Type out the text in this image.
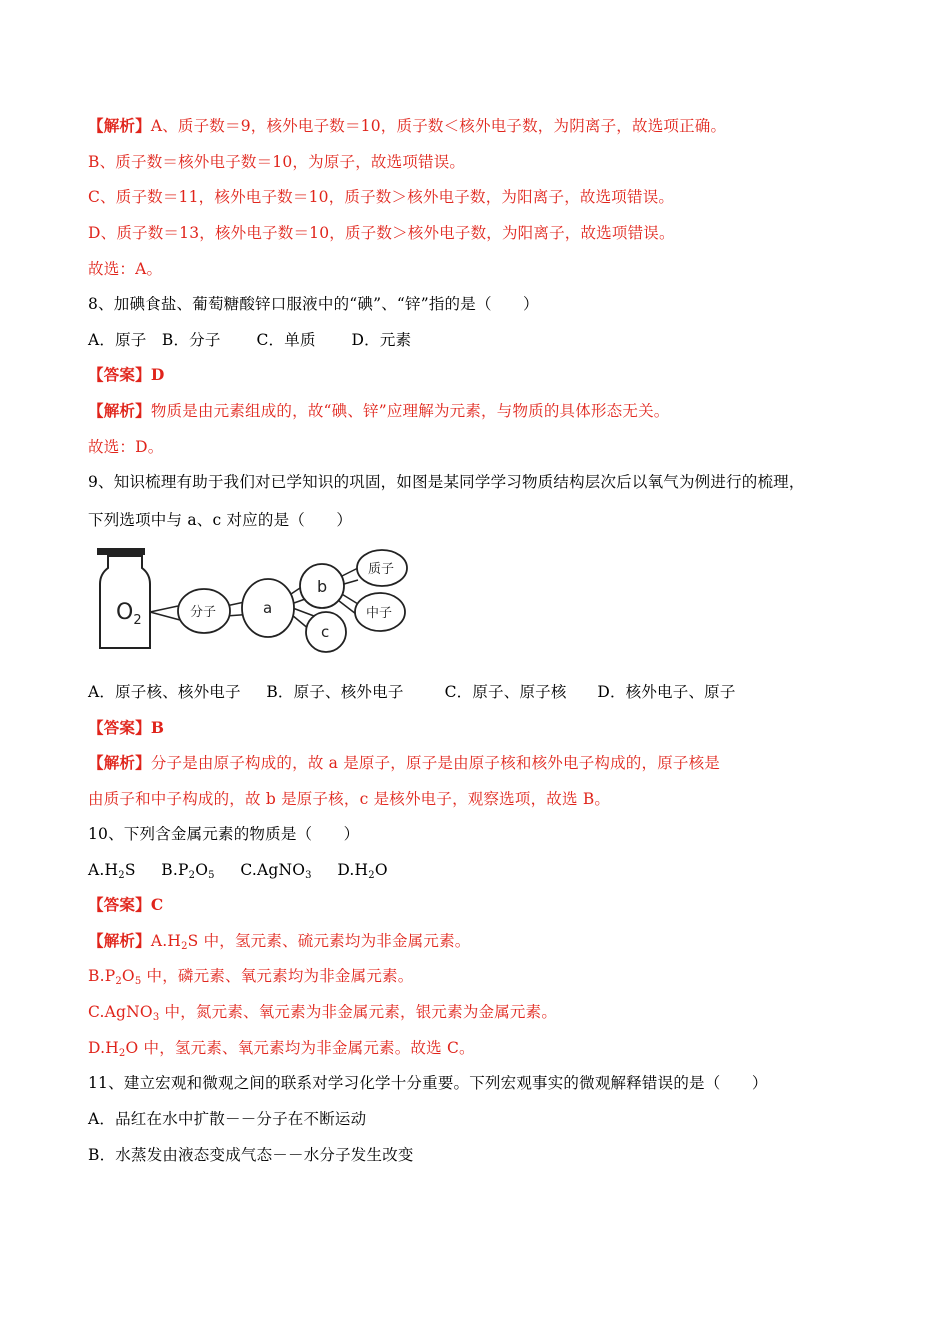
【解析】A、质子数＝9，核外电子数＝10，质子数＜核外电子数，为阴离子，故选项正确。
B、质子数＝核外电子数＝10，为原子，故选项错误。
C、质子数＝11，核外电子数＝10，质子数＞核外电子数，为阳离子，故选项错误。
D、质子数＝13，核外电子数＝10，质子数＞核外电子数，为阳离子，故选项错误。
故选：A。
8、加碘食盐、葡萄糖酸锌口服液中的“碘”、“锌”指的是（　　）
A．原子 B．分子 C．单质 D．元素
【答案】D
【解析】物质是由元素组成的，故“碘、锌”应理解为元素，与物质的具体形态无关。
故选：D。
9、知识梳理有助于我们对已学知识的巩固，如图是某同学学习物质结构层次后以氧气为例进行的梳理，
下列选项中与 a、c 对应的是（　　）
$O_2$
分子	a
b
c
质子
中子
A．原子核、核外电子 B．原子、核外电子	C．原子、原子核 D．核外电子、原子
【答案】B
【解析】分子是由原子构成的，故 a 是原子，原子是由原子核和核外电子构成的，原子核是
由质子和中子构成的，故 b 是原子核，c 是核外电子，观察选项，故选 B。
10、下列含金属元素的物质是（　　）
$A.H_2S$ $B.P_2O_5$ C.AgNO$_3$ $D.H_2O$
【答案】C
【解析】$A.H_2S$ 中，氢元素、硫元素均为非金属元素。
$B.P_2O_5$ 中，磷元素、氧元素均为非金属元素。
C.AgNO$_3$ 中，氮元素、氧元素为非金属元素，银元素为金属元素。
$D.H_2O$ 中，氢元素、氧元素均为非金属元素。故选 C。
11、建立宏观和微观之间的联系对学习化学十分重要。下列宏观事实的微观解释错误的是（　　）
A．品红在水中扩散－－分子在不断运动
B．水蒸发由液态变成气态－－水分子发生改变
